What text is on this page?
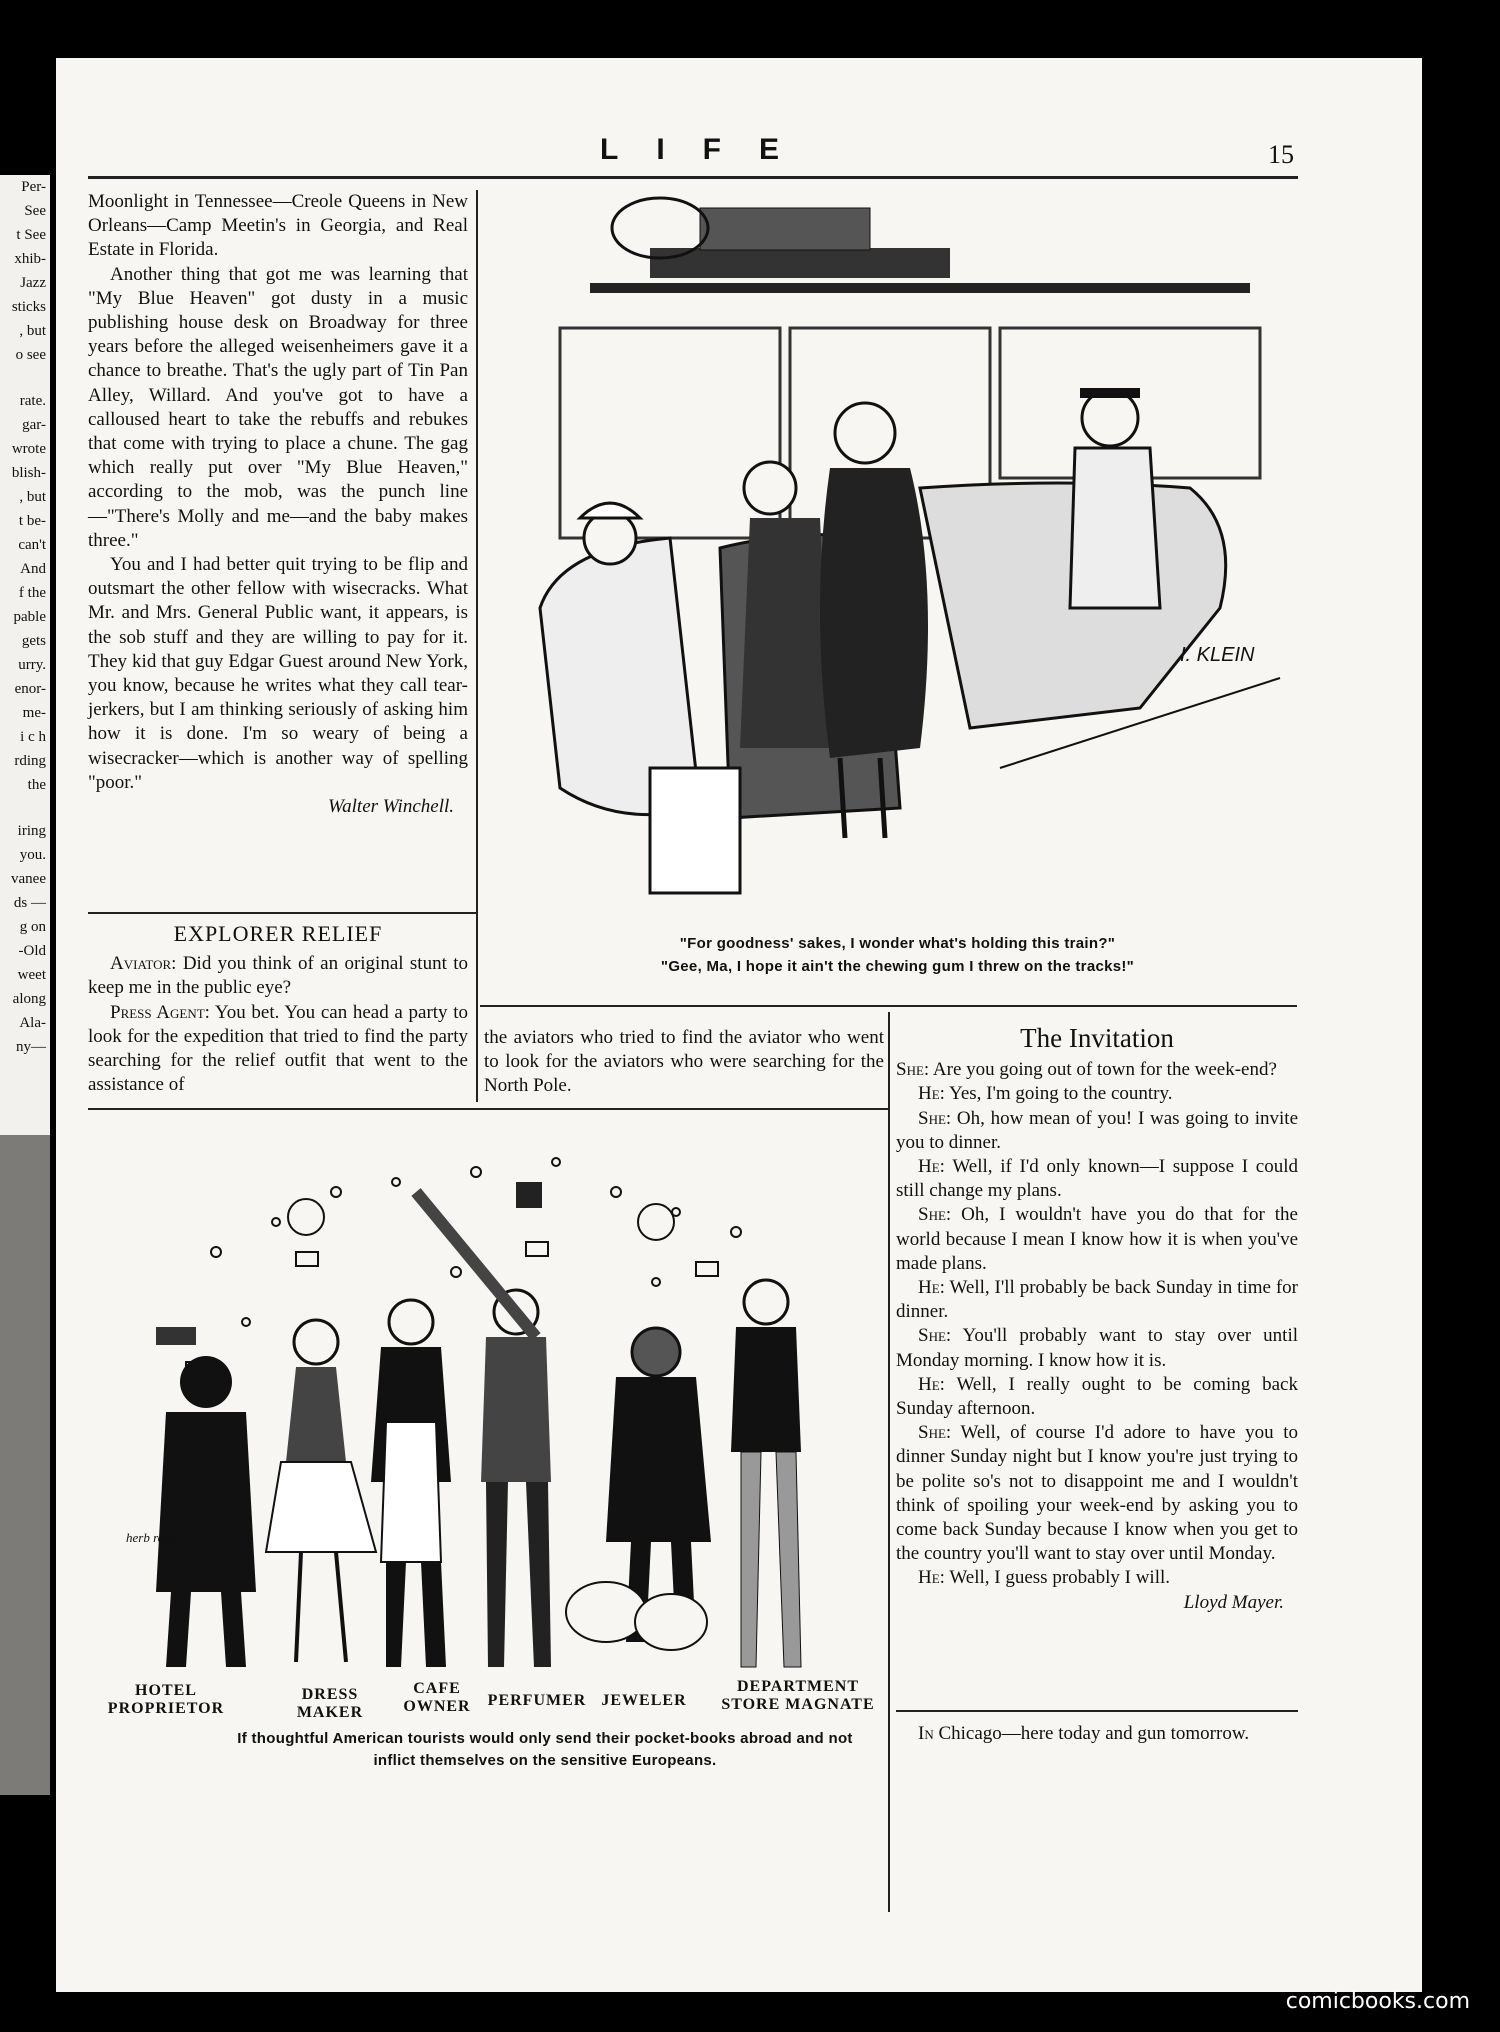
Per-
See
t See
xhib-
Jazz
sticks
, but
o see
rate.
gar-
wrote
blish-
, but
t be-
can't
And
f the
pable
gets
urry.
enor-
me-
i c h
rding
the
iring
you.
vanee
ds —
g on
-Old
weet
along
Ala-
ny—
LIFE	15

Moonlight in Tennessee—Creole Queens in New Orleans—Camp Meetin's in Georgia, and Real Estate in Florida.

Another thing that got me was learning that "My Blue Heaven" got dusty in a music publishing house desk on Broadway for three years before the alleged weisenheimers gave it a chance to breathe. That's the ugly part of Tin Pan Alley, Willard. And you've got to have a calloused heart to take the rebuffs and rebukes that come with trying to place a chune. The gag which really put over "My Blue Heaven," according to the mob, was the punch line—"There's Molly and me—and the baby makes three."

You and I had better quit trying to be flip and outsmart the other fellow with wisecracks. What Mr. and Mrs. General Public want, it appears, is the sob stuff and they are willing to pay for it. They kid that guy Edgar Guest around New York, you know, because he writes what they call tear-jerkers, but I am thinking seriously of asking him how it is done. I'm so weary of being a wisecracker—which is another way of spelling "poor."

Walter Winchell.
EXPLORER RELIEF

Aviator: Did you think of an original stunt to keep me in the public eye?

Press Agent: You bet. You can head a party to look for the expedition that tried to find the party searching for the relief outfit that went to the assistance of

the aviators who tried to find the aviator who went to look for the aviators who were searching for the North Pole.

I. KLEIN
"For goodness' sakes, I wonder what's holding this train?"
"Gee, Ma, I hope it ain't the chewing gum I threw on the tracks!"
herb roth
HOTEL PROPRIETOR
DRESS MAKER
CAFE OWNER	PERFUMER JEWELER
DEPARTMENT STORE MAGNATE
If thoughtful American tourists would only send their pocket-books abroad and not inflict themselves on the sensitive Europeans.
The Invitation

She: Are you going out of town for the week-end?

He: Yes, I'm going to the country.

She: Oh, how mean of you! I was going to invite you to dinner.

He: Well, if I'd only known—I suppose I could still change my plans.

She: Oh, I wouldn't have you do that for the world because I mean I know how it is when you've made plans.

He: Well, I'll probably be back Sunday in time for dinner.

She: You'll probably want to stay over until Monday morning. I know how it is.

He: Well, I really ought to be coming back Sunday afternoon.

She: Well, of course I'd adore to have you to dinner Sunday night but I know you're just trying to be polite so's not to disappoint me and I wouldn't think of spoiling your week-end by asking you to come back Sunday because I know when you get to the country you'll want to stay over until Monday.

He: Well, I guess probably I will.

Lloyd Mayer.

In Chicago—here today and gun tomorrow.

comicbooks.com
